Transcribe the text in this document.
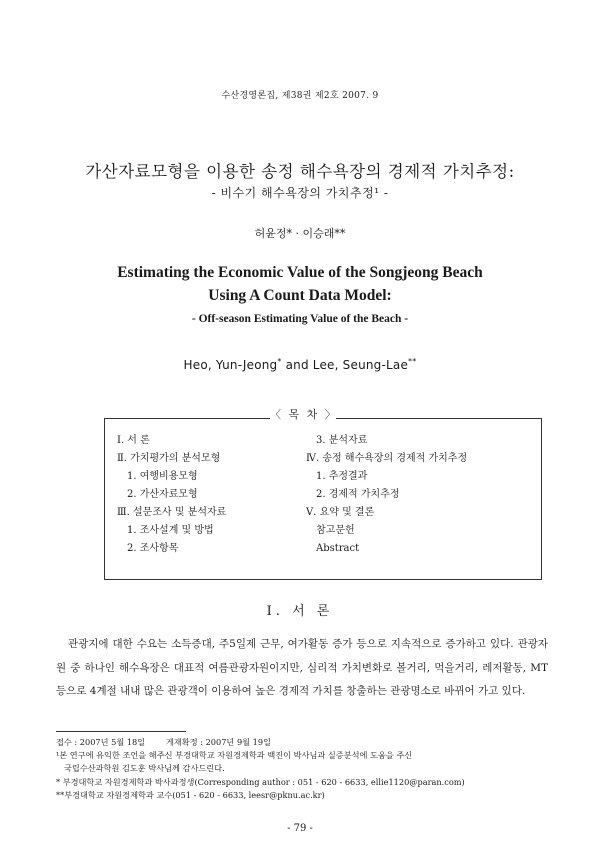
수산경영론집, 제38권 제2호 2007. 9
가산자료모형을 이용한 송정 해수욕장의 경제적 가치추정:
- 비수기 해수욕장의 가치추정¹ -
허윤정* · 이승래**
Estimating the Economic Value of the Songjeong Beach
Using A Count Data Model:
- Off-season Estimating Value of the Beach -
Heo, Yun-Jeong* and Lee, Seung-Lae**
〈 목 차 〉
Ⅰ. 서 론
Ⅱ. 가치평가의 분석모형
1. 여행비용모형
2. 가산자료모형
Ⅲ. 설문조사 및 분석자료
1. 조사설계 및 방법
2. 조사항목
3. 분석자료
Ⅳ. 송정 해수욕장의 경제적 가치추정
1. 추정결과
2. 경제적 가치추정
Ⅴ. 요약 및 결론
참고문헌
Abstract
Ⅰ. 서 론

관광지에 대한 수요는 소득증대, 주5일제 근무, 여가활동 증가 등으로 지속적으로 증가하고 있다. 관광자원 중 하나인 해수욕장은 대표적 여름관광자원이지만, 심리적 가치변화로 볼거리, 먹을거리, 레저활동, MT 등으로 4계절 내내 많은 관광객이 이용하여 높은 경제적 가치를 창출하는 관광명소로 바뀌어 가고 있다.

접수 : 2007년 5월 18일        게재확정 : 2007년 9월 19일
¹본 연구에 유익한 조언을 해주신 부경대학교 자원경제학과 백진이 박사님과 실증분석에 도움을 주신
국립수산과학원 김도훈 박사님께 감사드린다.
* 부경대학교 자원경제학과 박사과정생(Corresponding author : 051 - 620 - 6633, ellie1120@paran.com)
**부경대학교 자원경제학과 교수(051 - 620 - 6633, leesr@pknu.ac.kr)
- 79 -
